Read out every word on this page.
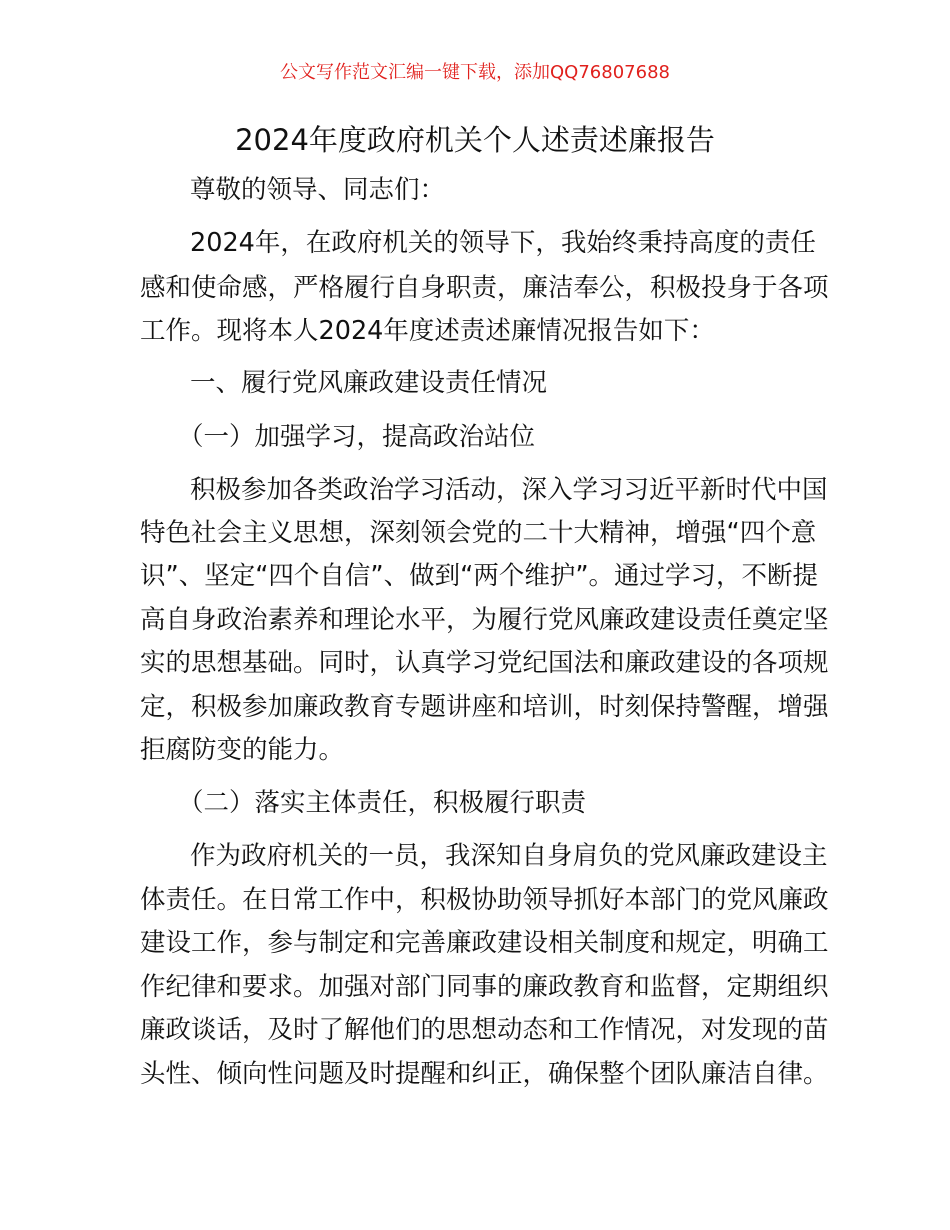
公文写作范文汇编一键下载，添加QQ76807688
2024年度政府机关个人述责述廉报告
尊敬的领导、同志们：
2024年，在政府机关的领导下，我始终秉持高度的责任
感和使命感，严格履行自身职责，廉洁奉公，积极投身于各项
工作。现将本人2024年度述责述廉情况报告如下：
一、履行党风廉政建设责任情况
（一）加强学习，提高政治站位
积极参加各类政治学习活动，深入学习习近平新时代中国
特色社会主义思想，深刻领会党的二十大精神，增强“四个意
识”、坚定“四个自信”、做到“两个维护”。通过学习，不断提
高自身政治素养和理论水平，为履行党风廉政建设责任奠定坚
实的思想基础。同时，认真学习党纪国法和廉政建设的各项规
定，积极参加廉政教育专题讲座和培训，时刻保持警醒，增强
拒腐防变的能力。
（二）落实主体责任，积极履行职责
作为政府机关的一员，我深知自身肩负的党风廉政建设主
体责任。在日常工作中，积极协助领导抓好本部门的党风廉政
建设工作，参与制定和完善廉政建设相关制度和规定，明确工
作纪律和要求。加强对部门同事的廉政教育和监督，定期组织
廉政谈话，及时了解他们的思想动态和工作情况，对发现的苗
头性、倾向性问题及时提醒和纠正，确保整个团队廉洁自律。
